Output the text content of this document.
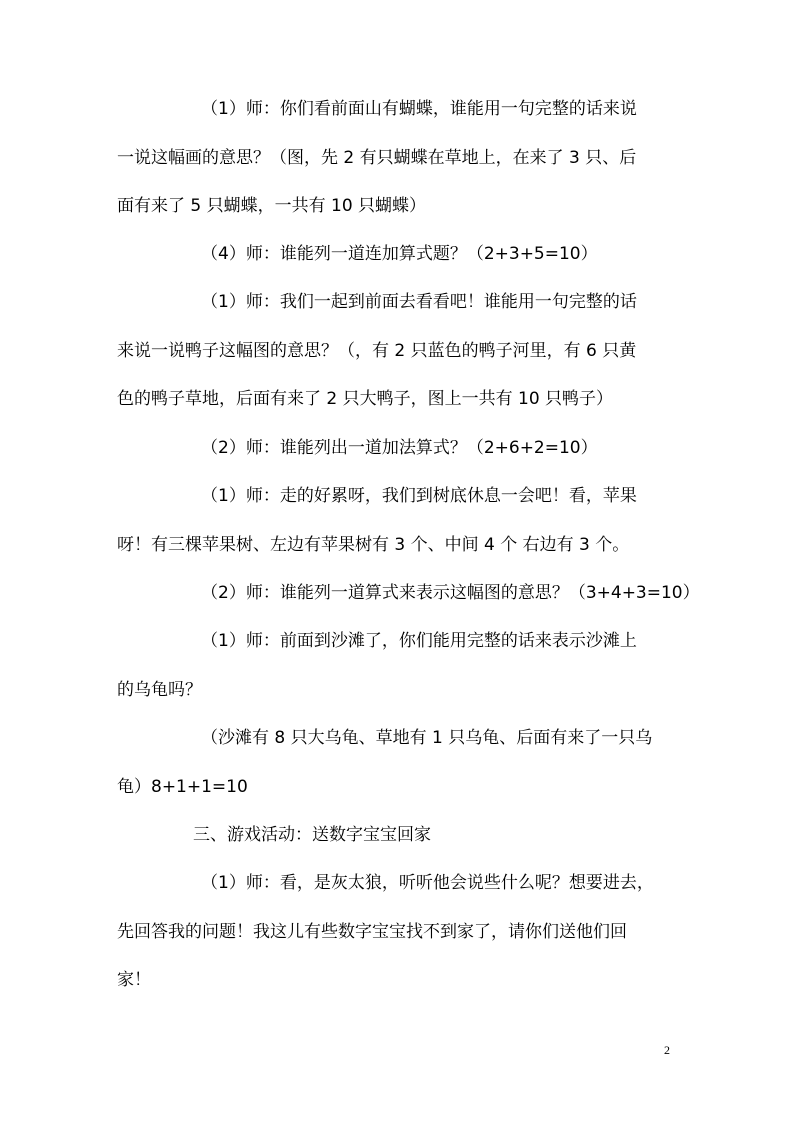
（1）师：你们看前面山有蝴蝶，谁能用一句完整的话来说
一说这幅画的意思？（图，先 2 有只蝴蝶在草地上，在来了 3 只、后
面有来了 5 只蝴蝶，一共有 10 只蝴蝶）
（4）师：谁能列一道连加算式题？（2+3+5=10）
（1）师：我们一起到前面去看看吧！谁能用一句完整的话
来说一说鸭子这幅图的意思？（，有 2 只蓝色的鸭子河里，有 6 只黄
色的鸭子草地，后面有来了 2 只大鸭子，图上一共有 10 只鸭子）
（2）师：谁能列出一道加法算式？（2+6+2=10）
（1）师：走的好累呀，我们到树底休息一会吧！看，苹果
呀！有三棵苹果树、左边有苹果树有 3 个、中间 4 个 右边有 3 个。
（2）师：谁能列一道算式来表示这幅图的意思？（3+4+3=10）
（1）师：前面到沙滩了，你们能用完整的话来表示沙滩上
的乌龟吗？
（沙滩有 8 只大乌龟、草地有 1 只乌龟、后面有来了一只乌
龟）8+1+1=10
三、游戏活动：送数字宝宝回家
（1）师：看，是灰太狼，听听他会说些什么呢？想要进去，
先回答我的问题！我这儿有些数字宝宝找不到家了，请你们送他们回
家！
2
